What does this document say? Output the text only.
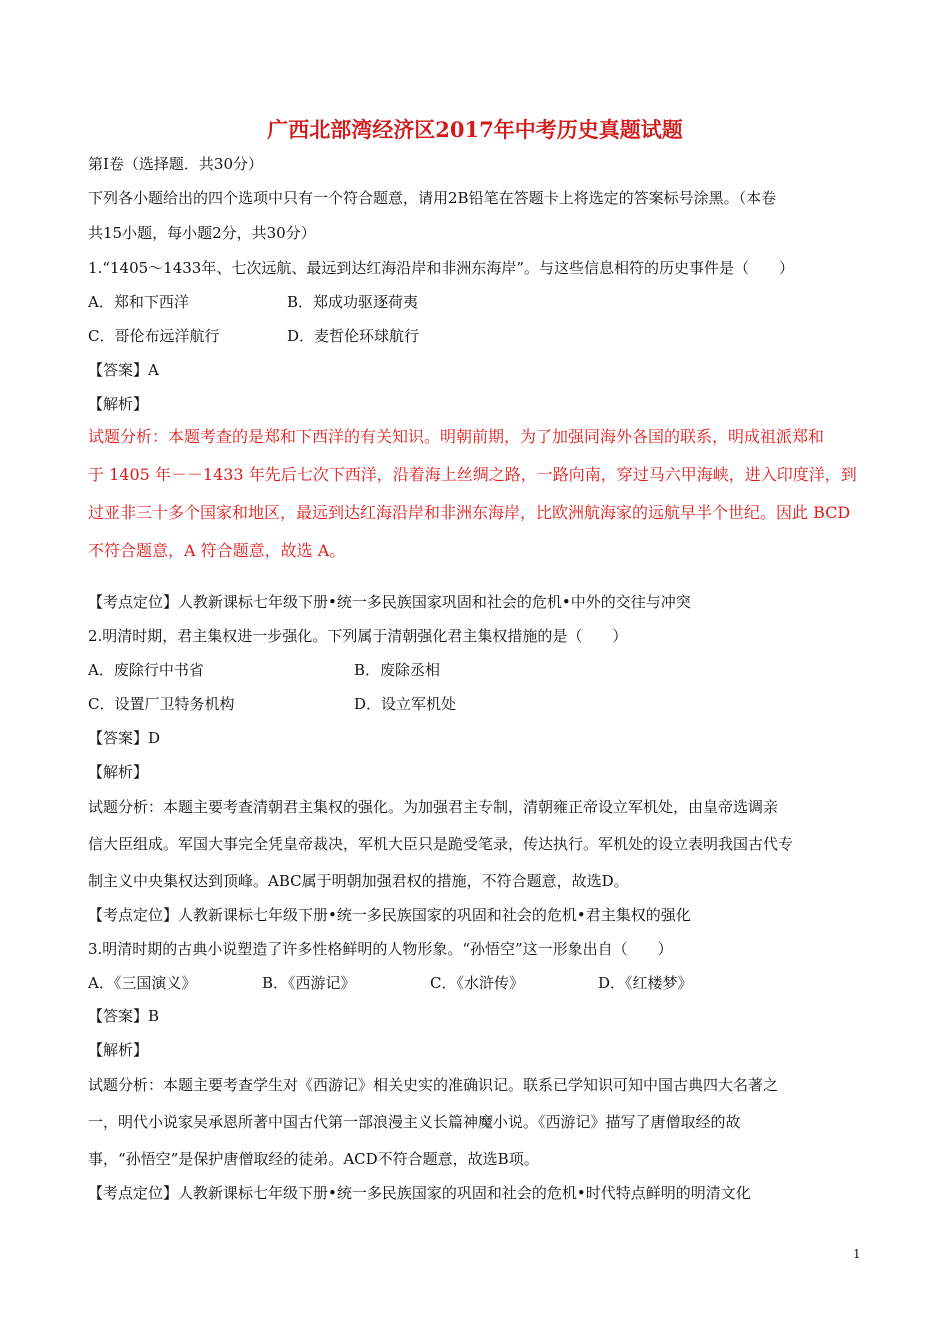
广西北部湾经济区2017年中考历史真题试题
第Ⅰ卷（选择题．共30分）
下列各小题给出的四个选项中只有一个符合题意，请用2B铅笔在答题卡上将选定的答案标号涂黑。（本卷
共15小题，每小题2分，共30分）
1.“1405～1433年、七次远航、最远到达红海沿岸和非洲东海岸”。与这些信息相符的历史事件是（　　）
A．郑和下西洋	B．郑成功驱逐荷夷
C．哥伦布远洋航行	D．麦哲伦环球航行
【答案】A
【解析】
试题分析：本题考查的是郑和下西洋的有关知识。明朝前期，为了加强同海外各国的联系，明成祖派郑和
于 1405 年－－1433 年先后七次下西洋，沿着海上丝绸之路，一路向南，穿过马六甲海峡，进入印度洋，到
过亚非三十多个国家和地区，最远到达红海沿岸和非洲东海岸，比欧洲航海家的远航早半个世纪。因此 BCD
不符合题意，A 符合题意，故选 A。
【考点定位】人教新课标七年级下册•统一多民族国家巩固和社会的危机•中外的交往与冲突
2.明清时期，君主集权进一步强化。下列属于清朝强化君主集权措施的是（　　）
A．废除行中书省	B．废除丞相
C．设置厂卫特务机构	D．设立军机处
【答案】D
【解析】
试题分析：本题主要考查清朝君主集权的强化。为加强君主专制，清朝雍正帝设立军机处，由皇帝选调亲
信大臣组成。军国大事完全凭皇帝裁决，军机大臣只是跪受笔录，传达执行。军机处的设立表明我国古代专
制主义中央集权达到顶峰。ABC属于明朝加强君权的措施，不符合题意，故选D。
【考点定位】人教新课标七年级下册•统一多民族国家的巩固和社会的危机•君主集权的强化
3.明清时期的古典小说塑造了许多性格鲜明的人物形象。“孙悟空”这一形象出自（　　）
A．《三国演义》	B．《西游记》	C．《水浒传》	D．《红楼梦》
【答案】B
【解析】
试题分析：本题主要考查学生对《西游记》相关史实的准确识记。联系已学知识可知中国古典四大名著之
一，明代小说家吴承恩所著中国古代第一部浪漫主义长篇神魔小说。《西游记》描写了唐僧取经的故
事，“孙悟空”是保护唐僧取经的徒弟。ACD不符合题意，故选B项。
【考点定位】人教新课标七年级下册•统一多民族国家的巩固和社会的危机•时代特点鲜明的明清文化
1
